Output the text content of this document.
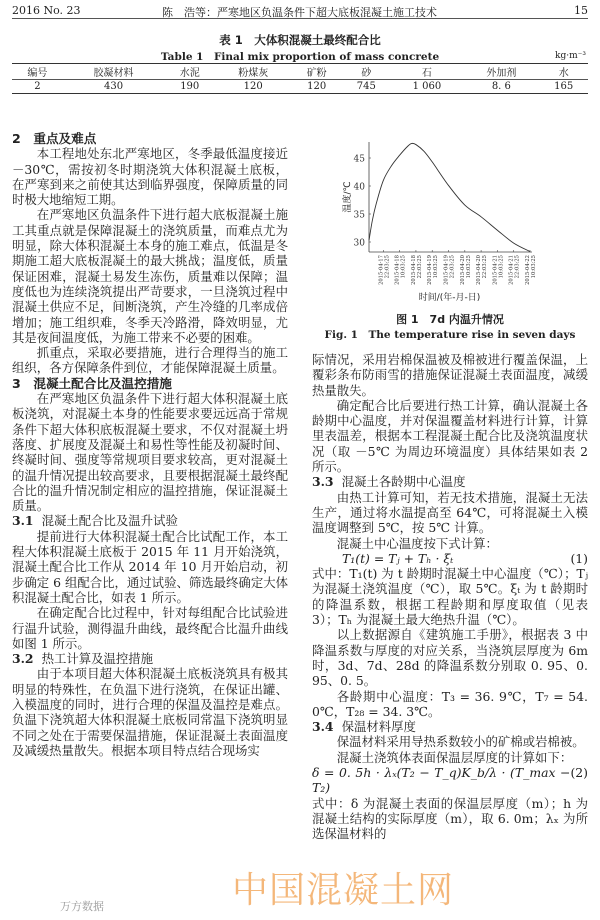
2016 No. 23	陈　浩等：严寒地区负温条件下超大底板混凝土施工技术	15
表 1　大体积混凝土最终配合比
Table 1　Final mix proportion of mass concrete	kg·m⁻³
编号	胶凝材料	水泥	粉煤灰	矿粉	砂	石	外加剂	水
2	430	190	120	120	745	1 060	8. 6	165
2　重点及难点

本工程地处东北严寒地区，冬季最低温度接近－30℃，需按初冬时期浇筑大体积混凝土底板，在严寒到来之前使其达到临界强度，保障质量的同时极大地缩短工期。

在严寒地区负温条件下进行超大底板混凝土施工其重点就是保障混凝土的浇筑质量，而难点尤为明显，除大体积混凝土本身的施工难点，低温是冬期施工超大底板混凝土的最大挑战；温度低，质量保证困难，混凝土易发生冻伤，质量难以保障；温度低也为连续浇筑提出严苛要求，一旦浇筑过程中混凝土供应不足，间断浇筑，产生冷缝的几率成倍增加；施工组织难，冬季天冷路滑，降效明显，尤其是夜间温度低，为施工带来不必要的困难。

抓重点，采取必要措施，进行合理得当的施工组织，各方保障条件到位，才能保障混凝土质量。

3　混凝土配合比及温控措施

在严寒地区负温条件下进行超大体积混凝土底板浇筑，对混凝土本身的性能要求要远远高于常规条件下超大体积底板混凝土要求，不仅对混凝土坍落度、扩展度及混凝土和易性等性能及初凝时间、终凝时间、强度等常规项目要求较高，更对混凝土的温升情况提出较高要求，且要根据混凝土最终配合比的温升情况制定相应的温控措施，保证混凝土质量。

3.1 混凝土配合比及温升试验

提前进行大体积混凝土配合比试配工作，本工程大体积混凝土底板于 2015 年 11 月开始浇筑，混凝土配合比工作从 2014 年 10 月开始启动，初步确定 6 组配合比，通过试验、筛选最终确定大体积混凝土配合比，如表 1 所示。

在确定配合比过程中，针对每组配合比试验进行温升试验，测得温升曲线，最终配合比温升曲线如图 1 所示。

3.2 热工计算及温控措施

由于本项目超大体积混凝土底板浇筑具有极其明显的特殊性，在负温下进行浇筑，在保证出罐、入模温度的同时，进行合理的保温及温控是难点。负温下浇筑超大体积混凝土底板同常温下浇筑明显不同之处在于需要保温措施，保证混凝土表面温度及减缓热量散失。根据本项目特点结合现场实

30
35
40
45
2015-04-1722:03:25 2015-04-1810:03:25 2015-04-1822:03:25 2015-04-1910:03:25 2015-04-1922:03:25 2015-04-2010:03:25 2015-04-2022:03:25 2015-04-2110:03:25 2015-04-2122:03:25 2015-04-2210:03:25
时间/(年-月-日)
温度/℃
图 1　7d 内温升情况
Fig. 1　The temperature rise in seven days

际情况，采用岩棉保温被及棉被进行覆盖保温，上覆彩条布防雨雪的措施保证混凝土表面温度，减缓热量散失。

确定配合比后要进行热工计算，确认混凝土各龄期中心温度，并对保温覆盖材料进行计算，计算里表温差，根据本工程混凝土配合比及浇筑温度状况（取 －5℃ 为周边环境温度）具体结果如表 2 所示。

3.3 混凝土各龄期中心温度

由热工计算可知，若无技术措施，混凝土无法生产，通过将水温提高至 64℃，可将混凝土入模温度调整到 5℃，按 5℃ 计算。

混凝土中心温度按下式计算：

T₁(t) = Tⱼ + Tₕ · ξₜ	(1)

式中：T₁(t) 为 t 龄期时混凝土中心温度（℃）；Tⱼ 为混凝土浇筑温度（℃），取 5℃。ξₜ 为 t 龄期时的降温系数，根据工程龄期和厚度取值（见表 3）；Tₕ 为混凝土最大绝热升温（℃）。

以上数据源自《建筑施工手册》，根据表 3 中降温系数与厚度的对应关系，当浇筑层厚度为 6m 时，3d、7d、28d 的降温系数分别取 0. 95、0. 95、0. 5。

各龄期中心温度：T₃ = 36. 9℃，T₇ = 54. 0℃，T₂₈ = 34. 3℃。

3.4 保温材料厚度

保温材料采用导热系数较小的矿棉或岩棉被。

混凝土浇筑体表面保温层厚度的计算如下：

δ = 0. 5h · λₓ(T₂ − T_q)K_b/λ · (T_max − T₂)
(2)

式中：δ 为混凝土表面的保温层厚度（m）；h 为混凝土结构的实际厚度（m），取 6. 0m；λₓ 为所选保温材料的

中国混凝土网
万方数据
